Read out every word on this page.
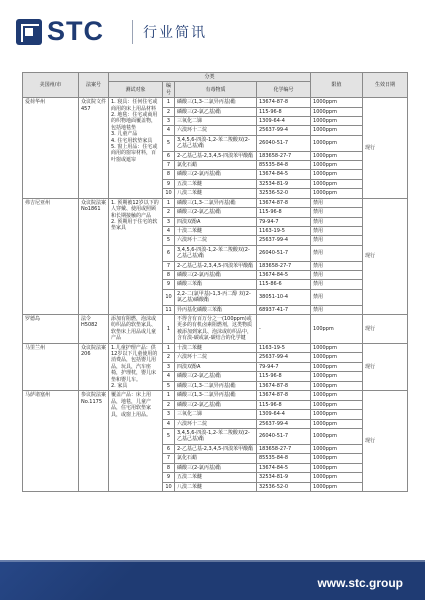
STC	行业简讯
美国州/市	法案号	分类				限值	生效日期
		测试对象	编号	有毒物质	化学编号		
爱荷华州	众议院文件457	1. 寝具：任何住宅或商用的床上用品材料
2. 地毯：住宅或商用的织物地面覆盖物，包括地毯垫
3. 儿童产品
4. 住宅用软垫家具
5. 窗上用品：住宅或商用的窗帘材料，百叶窗或遮帘	1	磷酸三(1,3-二氯异丙基)酯	13674-87-8	1000ppm	现行
			2	磷酸三(2-氯乙基)酯	115-96-8	1000ppm	
			3	三氧化二锑	1309-64-4	1000ppm	
			4	六溴环十二烷	25637-99-4	1000ppm	
			5	3,4,5,6-四溴-1,2-苯二羧酸双(2-乙基己基)酯	26040-51-7	1000ppm	
			6	2-乙基己基-2,3,4,5-四溴苯甲酸酯	183658-27-7	1000ppm	
			7	氯化石蜡	85535-84-8	1000ppm	
			8	磷酸三(2-氯丙基)酯	13674-84-5	1000ppm	
			9	五溴二苯醚	32534-81-9	1000ppm	
			10	八溴二苯醚	32536-52-0	1000ppm	
弗吉尼亚州	众议院法案No1861	1. 预期被12岁以下的人穿戴、使用或照顾和长期接触的产品
2. 预期用于住宅的软垫家具	1	磷酸三(1,3-二氯异丙基)酯	13674-87-8	禁用	现行
			2	磷酸三(2-氯乙基)酯	115-96-8	禁用	
			3	四溴双酚A	79-94-7	禁用	
			4	十溴二苯醚	1163-19-5	禁用	
			5	六溴环十二烷	25637-99-4	禁用	
			6	3,4,5,6-四溴-1,2-苯二羧酸双(2-乙基己基)酯	26040-51-7	禁用	
			7	2-乙基己基-2,3,4,5-四溴苯甲酸酯	183658-27-7	禁用	
			8	磷酸三(2-氯丙基)酯	13674-84-5	禁用	
			9	磷酸三苯酯	115-86-6	禁用	
			10	2,2-二(氯甲基)-1,3-丙二醇 双(2-氯乙基)磷酸酯	38051-10-4	禁用	
			11	异丙基化磷酸三苯酯	68937-41-7	禁用	
罗德岛	法令H5082	添加有阻燃，泡沫或纺织品的软垫家具、软垫床上用品或儿童产品	1	不得含有百万分之一(100ppm)或更多的有机卤素阻燃剂，这类物质被添加到家具、泡沫或纺织品中，含有溴-碳或氯-碳结合的化学键	-	100ppm	现行
马里兰州	众议院法案206	1.儿童护理产品：供12岁以下儿童使用的消费品，包括婴儿用品，玩具，汽车座椅，护理枕，婴儿床垫和婴儿车。
2. 家具	1	十溴二苯醚	1163-19-5	1000ppm	现行
			2	六溴环十二烷	25637-99-4	1000ppm	
			3	四溴双酚A	79-94-7	1000ppm	
			4	磷酸三(2-氯乙基)酯	115-96-8	1000ppm	
			5	磷酸三(1,3-二氯异丙基)酯	13674-87-8	1000ppm	
马萨诸塞州	参议院法案No.1175	覆盖产品：床上用品，地毯，儿童产品，住宅用软垫家具，或窗上用品。	1	磷酸三(1,3-二氯异丙基)酯	13674-87-8	1000ppm	现行
			2	磷酸三(2-氯乙基)酯	115-96-8	1000ppm	
			3	三氧化二锑	1309-64-4	1000ppm	
			4	六溴环十二烷	25637-99-4	1000ppm	
			5	3,4,5,6-四溴-1,2-苯二羧酸双(2-乙基己基)酯	26040-51-7	1000ppm	
			6	2-乙基己基-2,3,4,5-四溴苯甲酸酯	183658-27-7	1000ppm	
			7	氯化石蜡	85535-84-8	1000ppm	
			8	磷酸三(2-氯丙基)酯	13674-84-5	1000ppm	
			9	五溴二苯醚	32534-81-9	1000ppm	
			10	八溴二苯醚	32536-52-0	1000ppm	
www.stc.group
